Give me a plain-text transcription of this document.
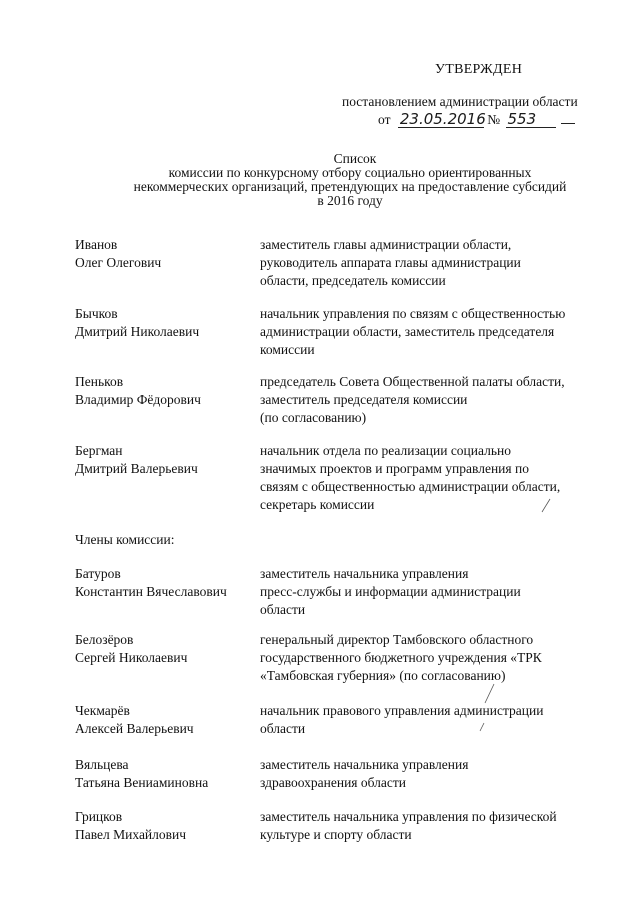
УТВЕРЖДЕН
постановлением администрации области
от 23.05.2016 № 553
Список
комиссии по конкурсному отбору социально ориентированных
некоммерческих организаций, претендующих на предоставление субсидий
в 2016 году
Иванов
Олег Олегович
заместитель главы администрации области,
руководитель аппарата главы администрации
области, председатель комиссии
Бычков
Дмитрий Николаевич
начальник управления по связям с общественностью
администрации области, заместитель председателя
комиссии
Пеньков
Владимир Фёдорович
председатель Совета Общественной палаты области,
заместитель председателя комиссии
(по согласованию)
Бергман
Дмитрий Валерьевич
начальник отдела по реализации социально
значимых проектов и программ управления по
связям с общественностью администрации области,
секретарь комиссии
Члены комиссии:
Батуров
Константин Вячеславович
заместитель начальника управления
пресс-службы и информации администрации
области
Белозёров
Сергей Николаевич
генеральный директор Тамбовского областного
государственного бюджетного учреждения «ТРК
«Тамбовская губерния» (по согласованию)
Чекмарёв
Алексей Валерьевич
начальник правового управления администрации
области
Вяльцева
Татьяна Вениаминовна
заместитель начальника управления
здравоохранения области
Грицков
Павел Михайлович
заместитель начальника управления по физической
культуре и спорту области
